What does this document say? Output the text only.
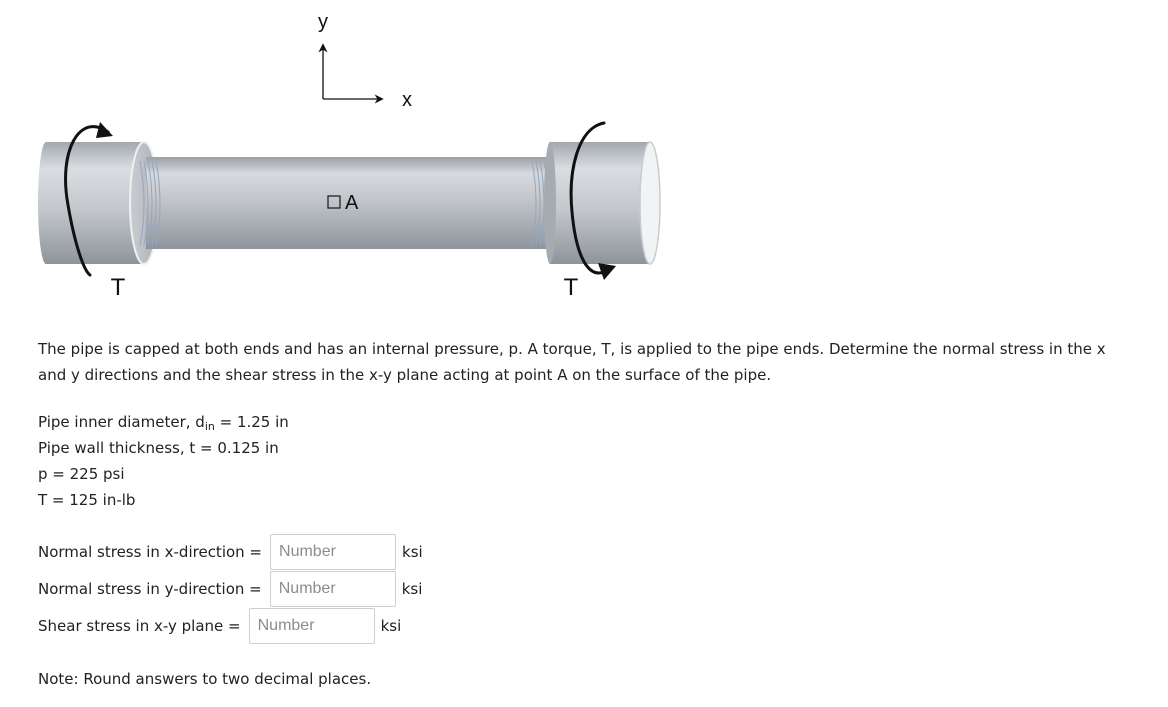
y
x
A
T	T

The pipe is capped at both ends and has an internal pressure, p. A torque, T, is applied to the pipe ends. Determine the normal stress in the x and y directions and the shear stress in the x-y plane acting at point A on the surface of the pipe.

Pipe inner diameter, $d_{in} = 1.25$ in
Pipe wall thickness, t = 0.125 in
p = 225 psi
T = 125 in-lb
Normal stress in x-direction =
Number	ksi
Normal stress in y-direction =
Number	ksi
Shear stress in x-y plane =
Number	ksi
Note: Round answers to two decimal places.
